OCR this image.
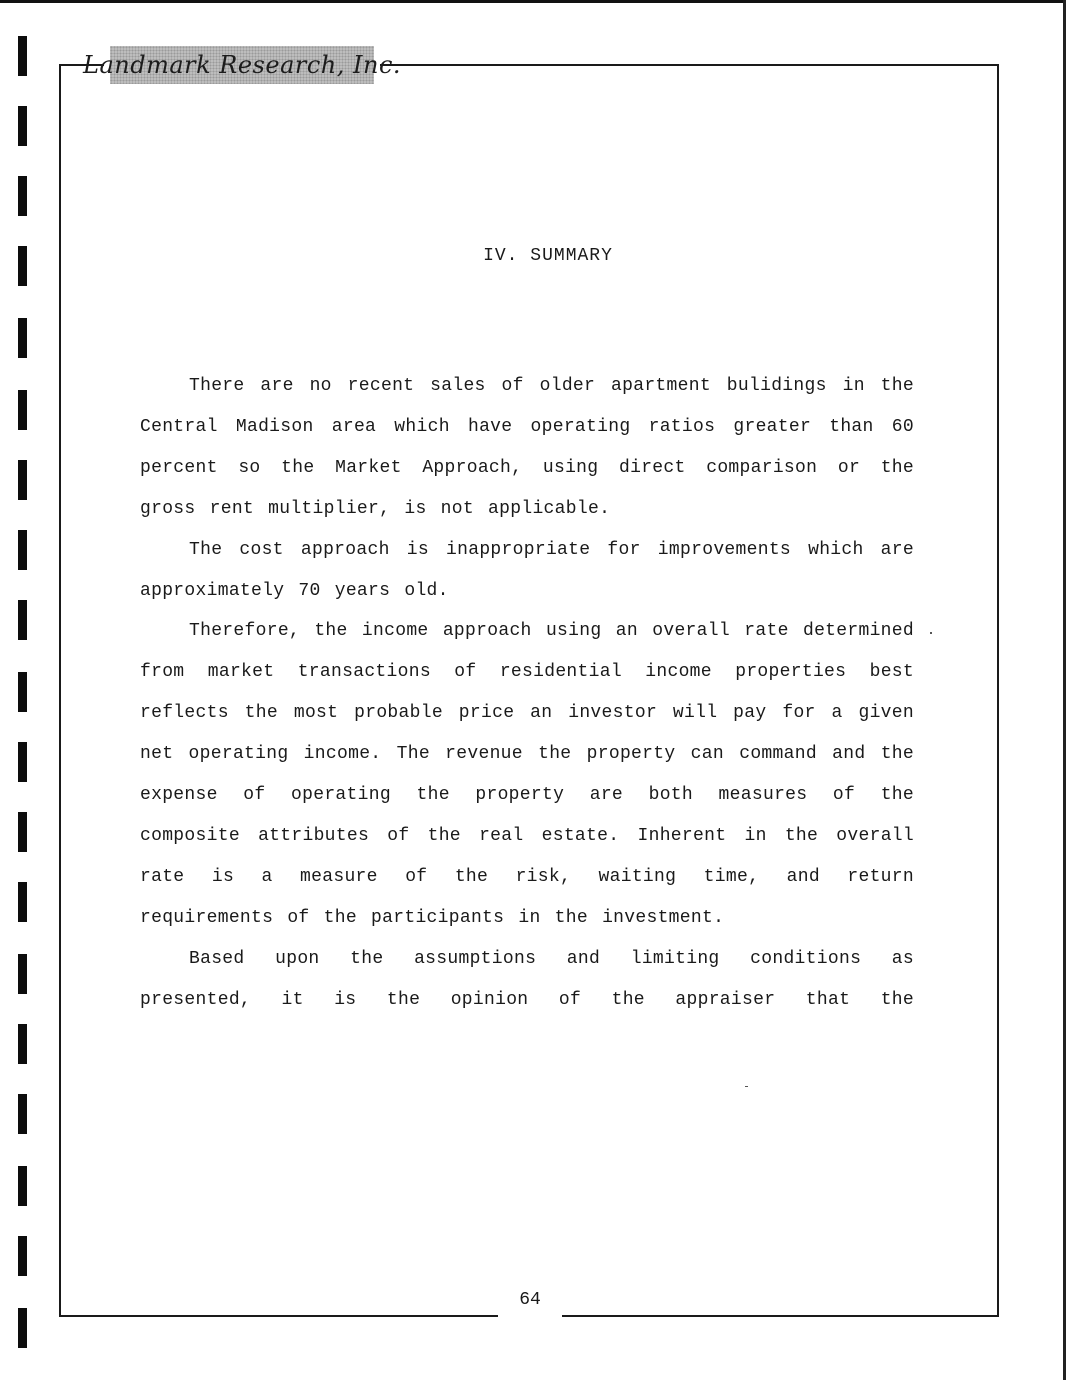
Landmark Research, Inc.
IV. SUMMARY

There are no recent sales of older apartment bulidings in the Central Madison area which have operating ratios greater than 60 percent so the Market Approach, using direct comparison or the gross rent multiplier, is not applicable.

The cost approach is inappropriate for improvements which are approximately 70 years old.

Therefore, the income approach using an overall rate determined from market transactions of residential income properties best reflects the most probable price an investor will pay for a given net operating income. The revenue the property can command and the expense of operating the property are both measures of the composite attributes of the real estate. Inherent in the overall rate is a measure of the risk, waiting time, and return requirements of the participants in the investment.

Based upon the assumptions and limiting conditions as presented, it is the opinion of the appraiser that the

64
